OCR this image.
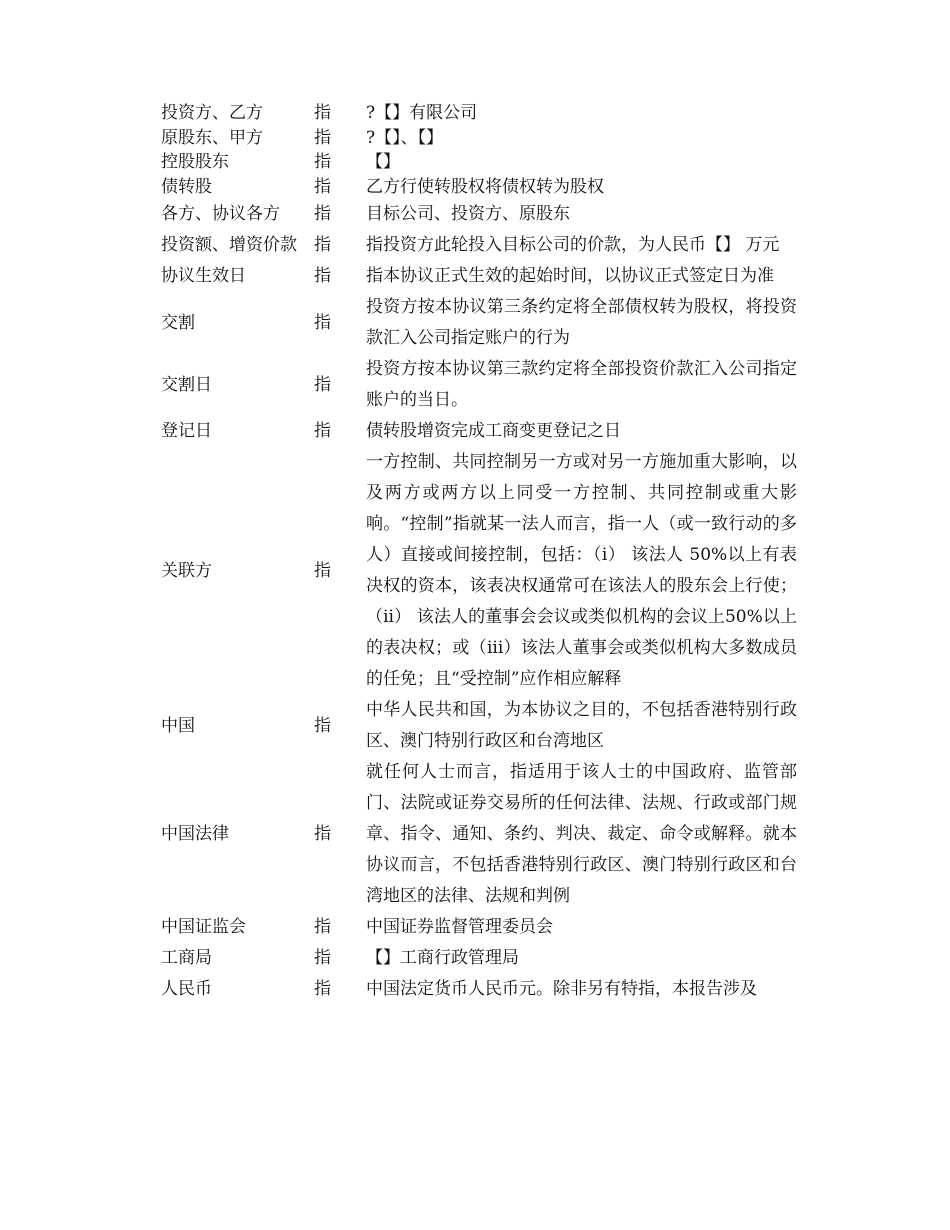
投资方、乙方	指	?【】有限公司
原股东、甲方	指	?【】、【】
控股股东	指	【】
债转股	指	乙方行使转股权将债权转为股权
各方、协议各方	指	目标公司、投资方、原股东
投资额、增资价款	指	指投资方此轮投入目标公司的价款，为人民币【】 万元
协议生效日	指	指本协议正式生效的起始时间，以协议正式签定日为准
交割	指	投资方按本协议第三条约定将全部债权转为股权，将投资款汇入公司指定账户的行为
交割日	指	投资方按本协议第三款约定将全部投资价款汇入公司指定账户的当日。
登记日	指	债转股增资完成工商变更登记之日
关联方	指	一方控制、共同控制另一方或对另一方施加重大影响，以及两方或两方以上同受一方控制、共同控制或重大影响。“控制”指就某一法人而言，指一人（或一致行动的多人）直接或间接控制，包括：（i） 该法人 50%以上有表决权的资本，该表决权通常可在该法人的股东会上行使；（ii） 该法人的董事会会议或类似机构的会议上50%以上的表决权；或（iii）该法人董事会或类似机构大多数成员的任免；且“受控制”应作相应解释
中国	指	中华人民共和国，为本协议之目的，不包括香港特别行政区、澳门特别行政区和台湾地区
中国法律	指	就任何人士而言，指适用于该人士的中国政府、监管部门、法院或证券交易所的任何法律、法规、行政或部门规章、指令、通知、条约、判决、裁定、命令或解释。就本协议而言，不包括香港特别行政区、澳门特别行政区和台湾地区的法律、法规和判例
中国证监会	指	中国证券监督管理委员会
工商局	指	【】工商行政管理局
人民币	指	中国法定货币人民币元。除非另有特指，本报告涉及
